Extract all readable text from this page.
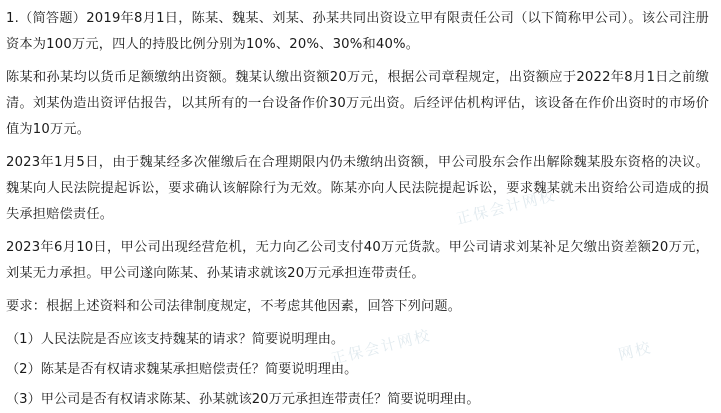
正保会计网校
正保会计网校	网校

1.（简答题）2019年8月1日，陈某、魏某、刘某、孙某共同出资设立甲有限责任公司（以下简称甲公司）。该公司注册资本为100万元，四人的持股比例分别为10%、20%、30%和40%。

陈某和孙某均以货币足额缴纳出资额。魏某认缴出资额20万元，根据公司章程规定，出资额应于2022年8月1日之前缴清。刘某伪造出资评估报告，以其所有的一台设备作价30万元出资。后经评估机构评估，该设备在作价出资时的市场价值为10万元。

2023年1月5日，由于魏某经多次催缴后在合理期限内仍未缴纳出资额，甲公司股东会作出解除魏某股东资格的决议。魏某向人民法院提起诉讼，要求确认该解除行为无效。陈某亦向人民法院提起诉讼，要求魏某就未出资给公司造成的损失承担赔偿责任。

2023年6月10日，甲公司出现经营危机，无力向乙公司支付40万元货款。甲公司请求刘某补足欠缴出资差额20万元，刘某无力承担。甲公司遂向陈某、孙某请求就该20万元承担连带责任。

要求：根据上述资料和公司法律制度规定，不考虑其他因素，回答下列问题。

（1）人民法院是否应该支持魏某的请求？简要说明理由。

（2）陈某是否有权请求魏某承担赔偿责任？简要说明理由。

（3）甲公司是否有权请求陈某、孙某就该20万元承担连带责任？简要说明理由。
